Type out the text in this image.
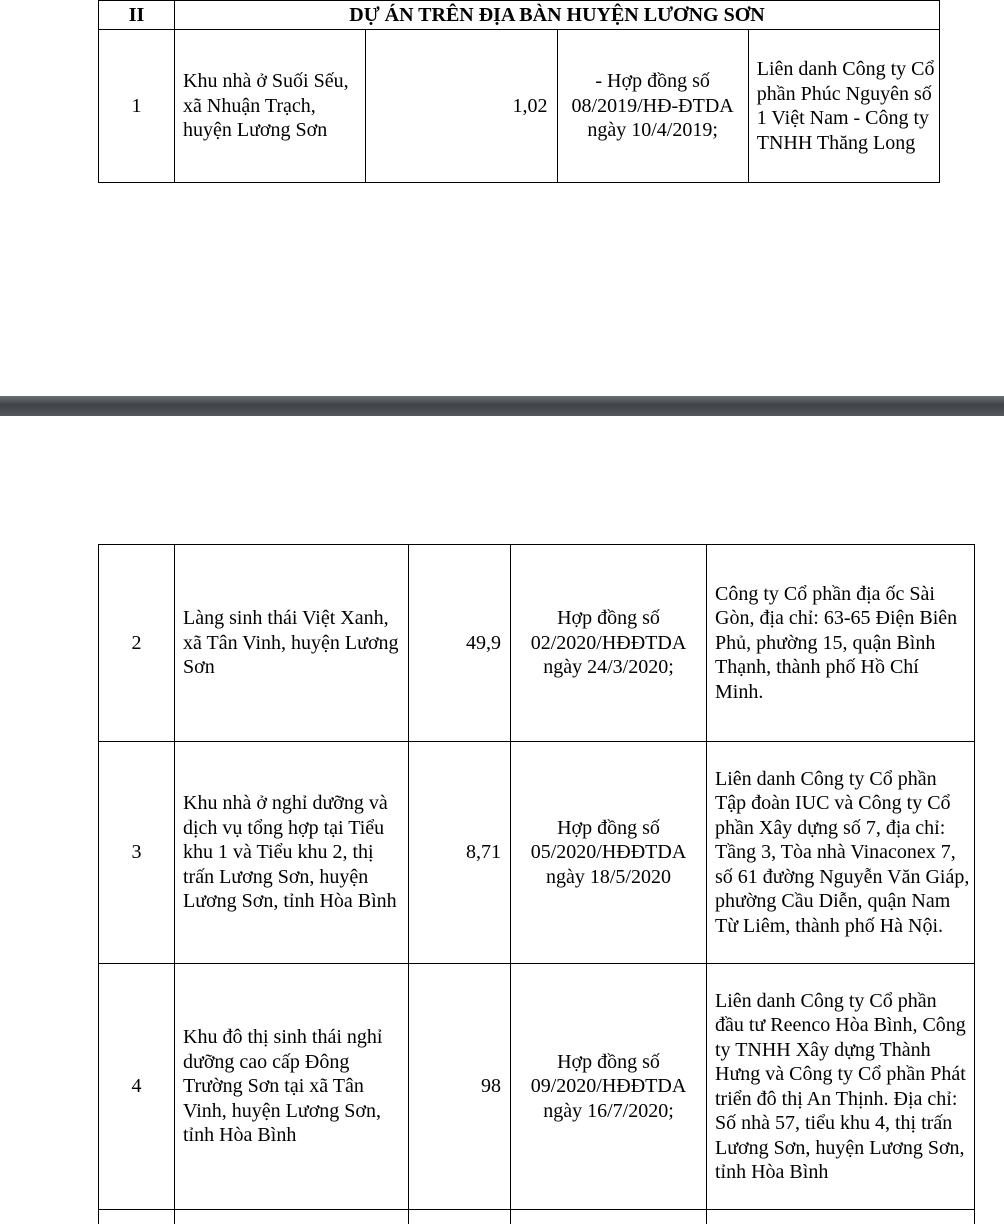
II	DỰ ÁN TRÊN ĐỊA BÀN HUYỆN LƯƠNG SƠN			
1	Khu nhà ở Suối Sếu, xã Nhuận Trạch, huyện Lương Sơn	1,02	- Hợp đồng số 08/2019/HĐ-ĐTDA ngày 10/4/2019;	Liên danh Công ty Cổ phần Phúc Nguyên số 1 Việt Nam - Công ty TNHH Thăng Long
2	Làng sinh thái Việt Xanh, xã Tân Vinh, huyện Lương Sơn	49,9	Hợp đồng số 02/2020/HĐĐTDA ngày 24/3/2020;	Công ty Cổ phần địa ốc Sài Gòn, địa chỉ: 63-65 Điện Biên Phủ, phường 15, quận Bình Thạnh, thành phố Hồ Chí Minh.
3	Khu nhà ở nghỉ dưỡng và dịch vụ tổng hợp tại Tiểu khu 1 và Tiểu khu 2, thị trấn Lương Sơn, huyện Lương Sơn, tỉnh Hòa Bình	8,71	Hợp đồng số 05/2020/HĐĐTDA ngày 18/5/2020	Liên danh Công ty Cổ phần Tập đoàn IUC và Công ty Cổ phần Xây dựng số 7, địa chỉ: Tầng 3, Tòa nhà Vinaconex 7, số 61 đường Nguyễn Văn Giáp, phường Cầu Diễn, quận Nam Từ Liêm, thành phố Hà Nội.
4	Khu đô thị sinh thái nghỉ dưỡng cao cấp Đông Trường Sơn tại xã Tân Vinh, huyện Lương Sơn, tỉnh Hòa Bình	98	Hợp đồng số 09/2020/HĐĐTDA ngày 16/7/2020;	Liên danh Công ty Cổ phần đầu tư Reenco Hòa Bình, Công ty TNHH Xây dựng Thành Hưng và Công ty Cổ phần Phát triển đô thị An Thịnh. Địa chỉ: Số nhà 57, tiểu khu 4, thị trấn Lương Sơn, huyện Lương Sơn, tỉnh Hòa Bình
